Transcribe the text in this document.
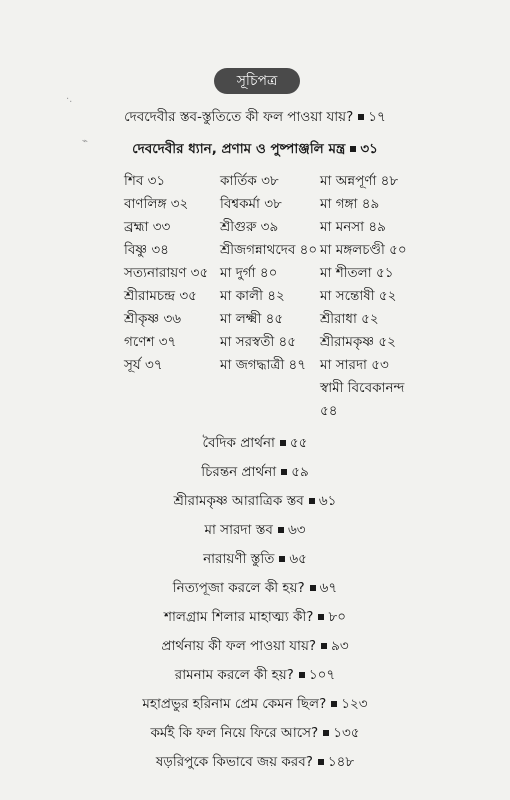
·.
⌁
সূচিপত্র
দেবদেবীর স্তব-স্তুতিতে কী ফল পাওয়া যায়? ১৭
দেবদেবীর ধ্যান, প্রণাম ও পুষ্পাঞ্জলি মন্ত্র ৩১
শিব ৩১
বাণলিঙ্গ ৩২
ব্রহ্মা ৩৩
বিষ্ণু ৩৪
সত্যনারায়ণ ৩৫
শ্রীরামচন্দ্র ৩৫
শ্রীকৃষ্ণ ৩৬
গণেশ ৩৭
সূর্য ৩৭
কার্তিক ৩৮
বিশ্বকর্মা ৩৮
শ্রীগুরু ৩৯
শ্রীজগন্নাথদেব ৪০
মা দুর্গা ৪০
মা কালী ৪২
মা লক্ষ্মী ৪৫
মা সরস্বতী ৪৫
মা জগদ্ধাত্রী ৪৭
মা অন্নপূর্ণা ৪৮
মা গঙ্গা ৪৯
মা মনসা ৪৯
মা মঙ্গলচণ্ডী ৫০
মা শীতলা ৫১
মা সন্তোষী ৫২
শ্রীরাধা ৫২
শ্রীরামকৃষ্ণ ৫২
মা সারদা ৫৩
স্বামী বিবেকানন্দ
৫৪
বৈদিক প্রার্থনা ৫৫
চিরন্তন প্রার্থনা ৫৯
শ্রীরামকৃষ্ণ আরাত্রিক স্তব ৬১
মা সারদা স্তব ৬৩
নারায়ণী স্তুতি ৬৫
নিত্যপূজা করলে কী হয়? ৬৭
শালগ্রাম শিলার মাহাত্ম্য কী? ৮০
প্রার্থনায় কী ফল পাওয়া যায়? ৯৩
রামনাম করলে কী হয়? ১০৭
মহাপ্রভুর হরিনাম প্রেম কেমন ছিল? ১২৩
কর্মই কি ফল নিয়ে ফিরে আসে? ১৩৫
ষড়রিপুকে কিভাবে জয় করব? ১৪৮
